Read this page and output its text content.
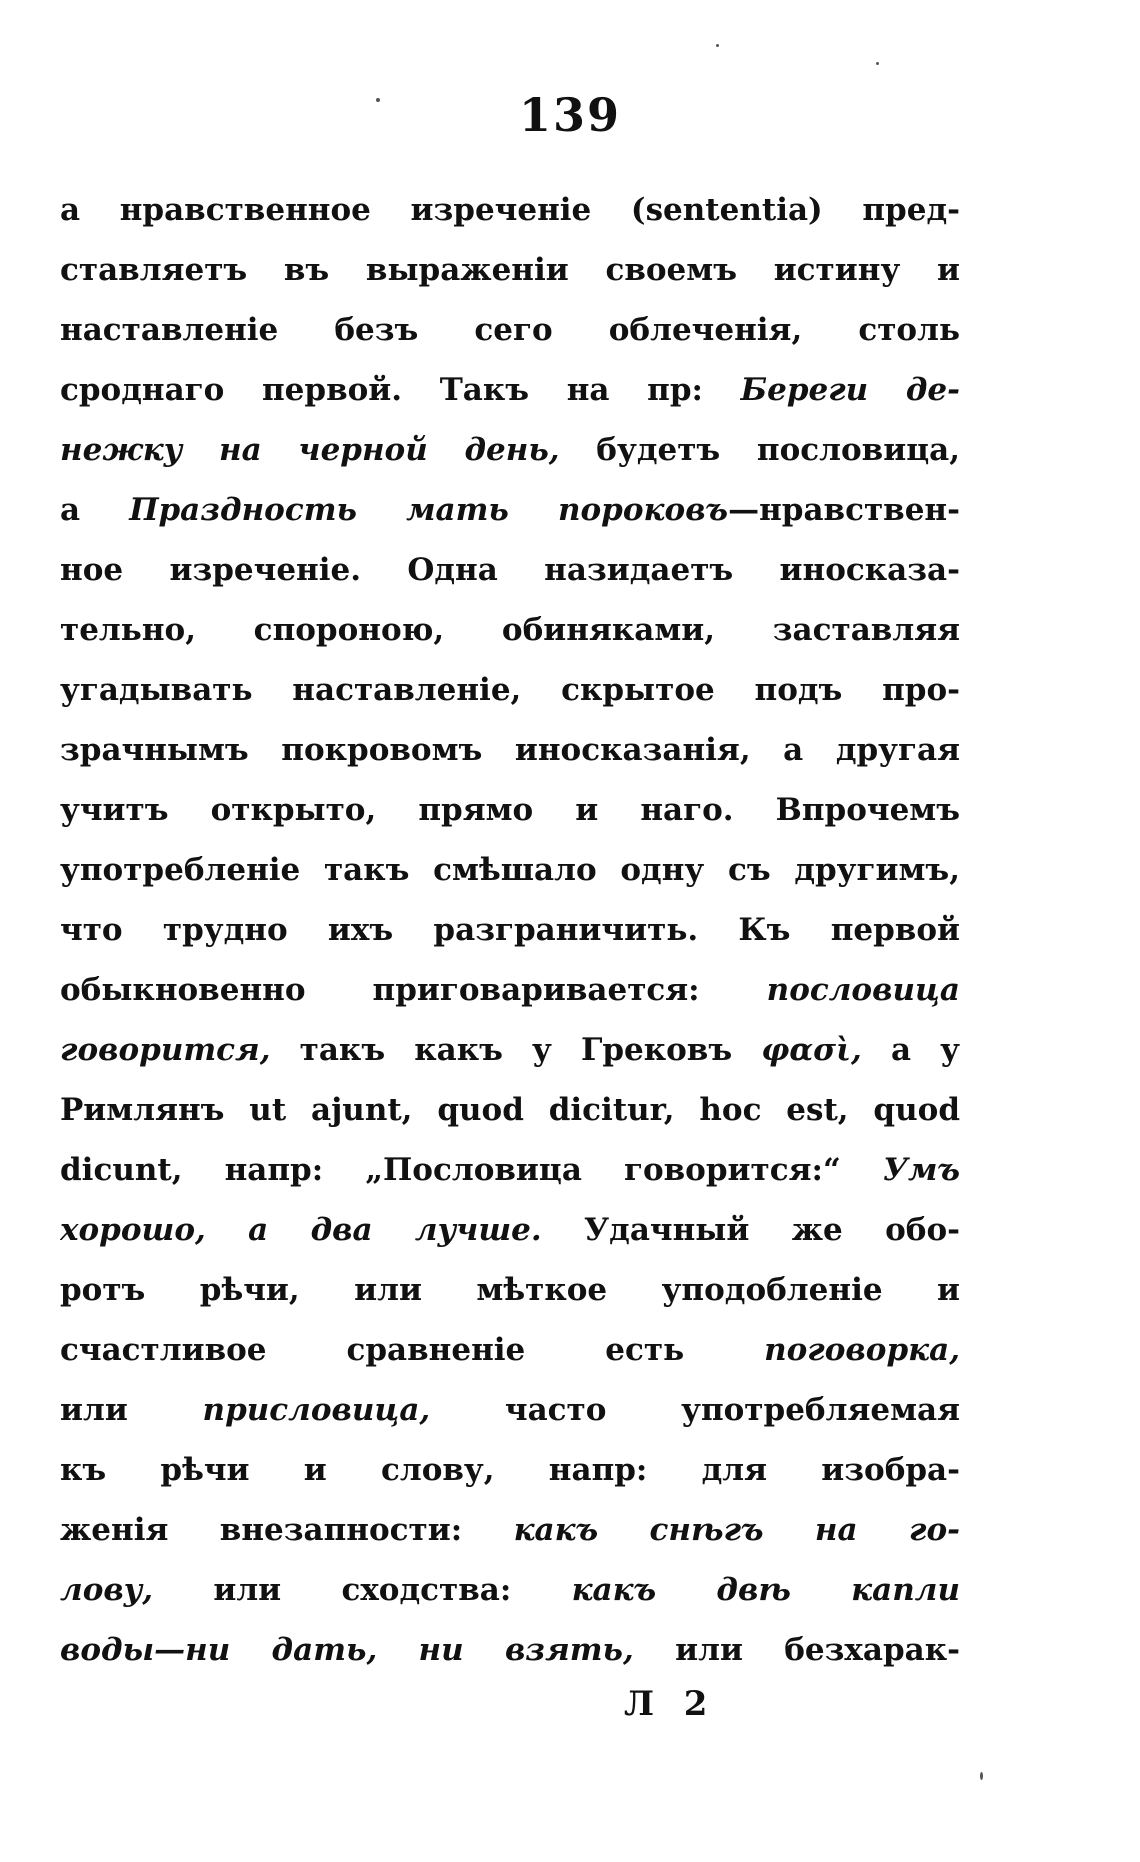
139
а нравственное изреченіе (sententia) пред-
ставляетъ въ выраженіи своемъ истину и
наставленіе безъ сего облеченія, столь
сроднаго первой. Такъ на пр: Береги де-
нежку на черной день, будетъ пословица,
а Праздность мать пороковъ—нравствен-
ное изреченіе. Одна назидаетъ иносказа-
тельно, спорoною, обиняками, заставляя
угадывать наставленіе, скрытое подъ про-
зрачнымъ покровомъ иносказанія, а другая
учитъ открыто, прямо и наго. Впрочемъ
употребленіе такъ смѣшало одну съ другимъ,
что трудно ихъ разграничить. Къ первой
обыкновенно приговаривается: пословица
говорится, такъ какъ у Грековъ φασὶ, а у
Римлянъ ut ajunt, quod dicitur, hoc est, quod
dicunt, напр: „Пословица говорится:“ Умъ
хорошо, а два лучше. Удачный же обо-
ротъ рѣчи, или мѣткое уподобленіе и
счастливое сравненіе есть поговорка,
или присловица, часто употребляемая
къ рѣчи и слову, напр: для изобра-
женія внезапности: какъ снѣгъ на го-
лову, или сходства: какъ двѣ капли
воды—ни дать, ни взять, или безхарак-
Л  2
